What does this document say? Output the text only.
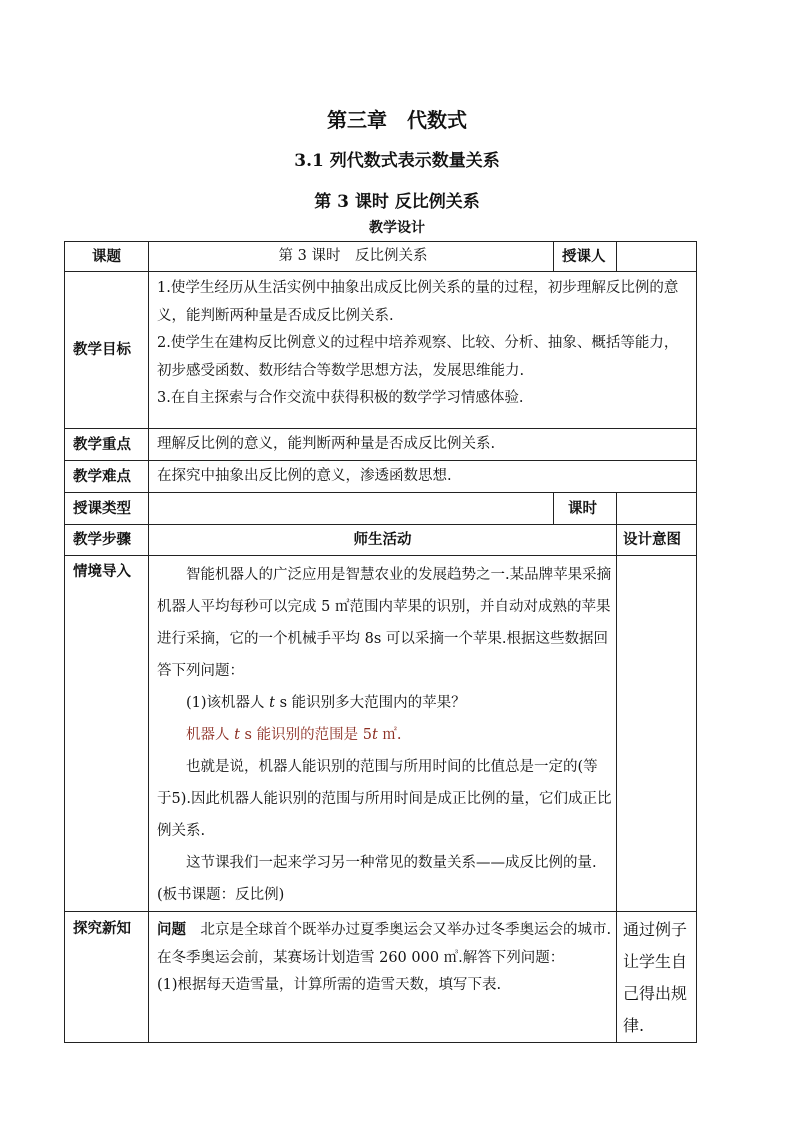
第三章　代数式
3.1 列代数式表示数量关系
第 3 课时 反比例关系
教学设计
课题	第 3 课时　反比例关系	授课人	
教学目标	1.使学生经历从生活实例中抽象出成反比例关系的量的过程，初步理解反比例的意义，能判断两种量是否成反比例关系.

2.使学生在建构反比例意义的过程中培养观察、比较、分析、抽象、概括等能力，初步感受函数、数形结合等数学思想方法，发展思维能力.

3.在自主探索与合作交流中获得积极的数学学习情感体验.		

教学重点	理解反比例的意义，能判断两种量是否成反比例关系.		
教学难点	在探究中抽象出反比例的意义，渗透函数思想.		
授课类型		课时	
教学步骤	师生活动		设计意图
情境导入	智能机器人的广泛应用是智慧农业的发展趋势之一.某品牌苹果采摘机器人平均每秒可以完成 5 ㎡范围内苹果的识别，并自动对成熟的苹果进行采摘，它的一个机械手平均 8s 可以采摘一个苹果.根据这些数据回答下列问题：

(1)该机器人 t s 能识别多大范围内的苹果？

机器人 t s 能识别的范围是 5t ㎡.

也就是说，机器人能识别的范围与所用时间的比值总是一定的(等于5).因此机器人能识别的范围与所用时间是成正比例的量，它们成正比例关系.

这节课我们一起来学习另一种常见的数量关系——成反比例的量.(板书课题：反比例)		

探究新知	问题　北京是全球首个既举办过夏季奥运会又举办过冬季奥运会的城市.在冬季奥运会前，某赛场计划造雪 260 000 ㎥.解答下列问题：

(1)根据每天造雪量，计算所需的造雪天数，填写下表.		通过例子让学生自己得出规律.
